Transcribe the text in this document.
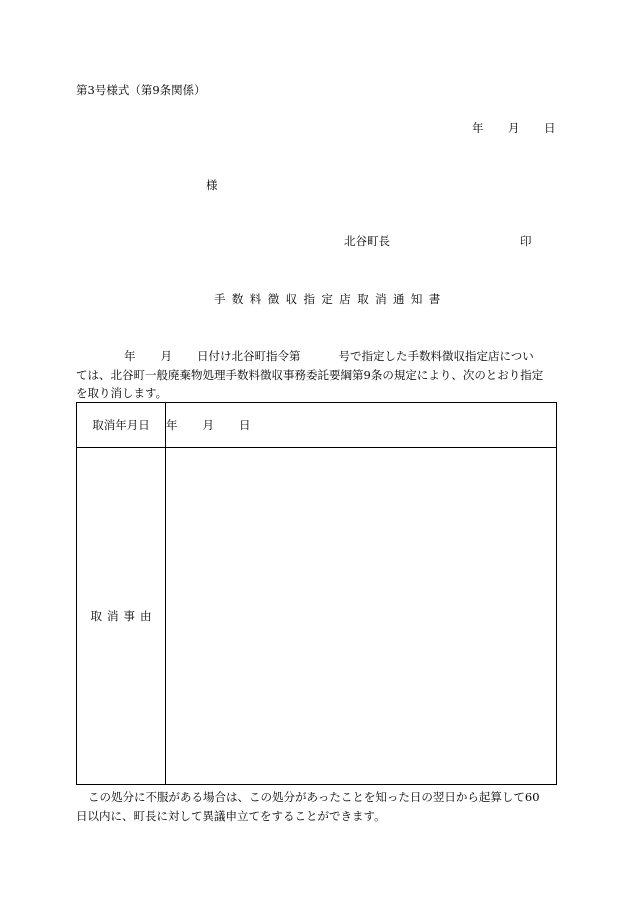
第3号様式（第9条関係）
年 月 日
様
北谷町長	印
手数料徴収指定店取消通知書
年 月 日付け北谷町指令第	号で指定した手数料徴収指定店につい
ては、北谷町一般廃棄物処理手数料徴収事務委託要綱第9条の規定により、次のとおり指定
を取り消します。
取消年月日	年 月 日
取消事由	
この処分に不服がある場合は、この処分があったことを知った日の翌日から起算して60
日以内に、町長に対して異議申立てをすることができます。
